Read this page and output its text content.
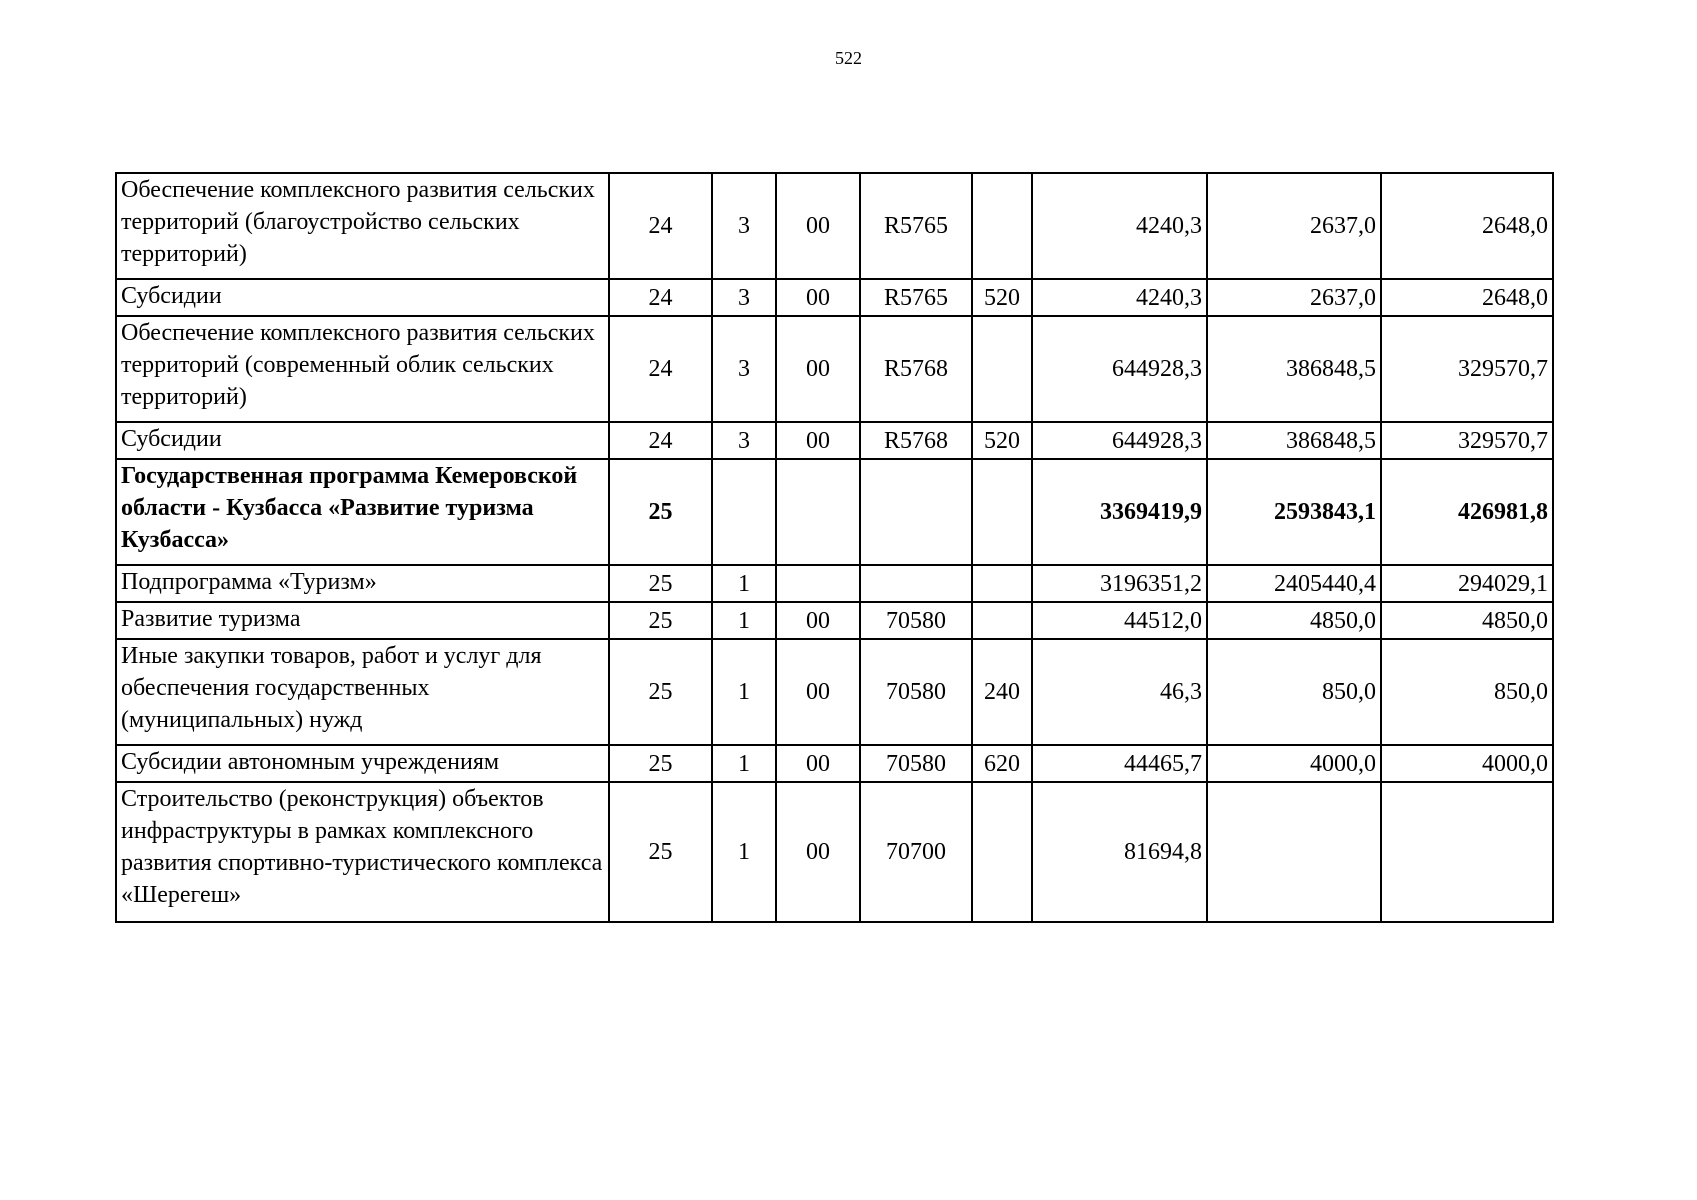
522
Обеспечение комплексного развития сельских территорий (благоустройство сельских территорий)	24	3	00	R5765		4240,3	2637,0	2648,0
Субсидии	24	3	00	R5765	520	4240,3	2637,0	2648,0
Обеспечение комплексного развития сельских территорий (современный облик сельских территорий)	24	3	00	R5768		644928,3	386848,5	329570,7
Субсидии	24	3	00	R5768	520	644928,3	386848,5	329570,7
Государственная программа Кемеровской области - Кузбасса «Развитие туризма Кузбасса»	25					3369419,9	2593843,1	426981,8
Подпрограмма «Туризм»	25	1				3196351,2	2405440,4	294029,1
Развитие туризма	25	1	00	70580		44512,0	4850,0	4850,0
Иные закупки товаров, работ и услуг для обеспечения государственных (муниципальных) нужд	25	1	00	70580	240	46,3	850,0	850,0
Субсидии автономным учреждениям	25	1	00	70580	620	44465,7	4000,0	4000,0
Строительство (реконструкция) объектов инфраструктуры в рамках комплексного развития спортивно-туристического комплекса «Шерегеш»	25	1	00	70700		81694,8		
